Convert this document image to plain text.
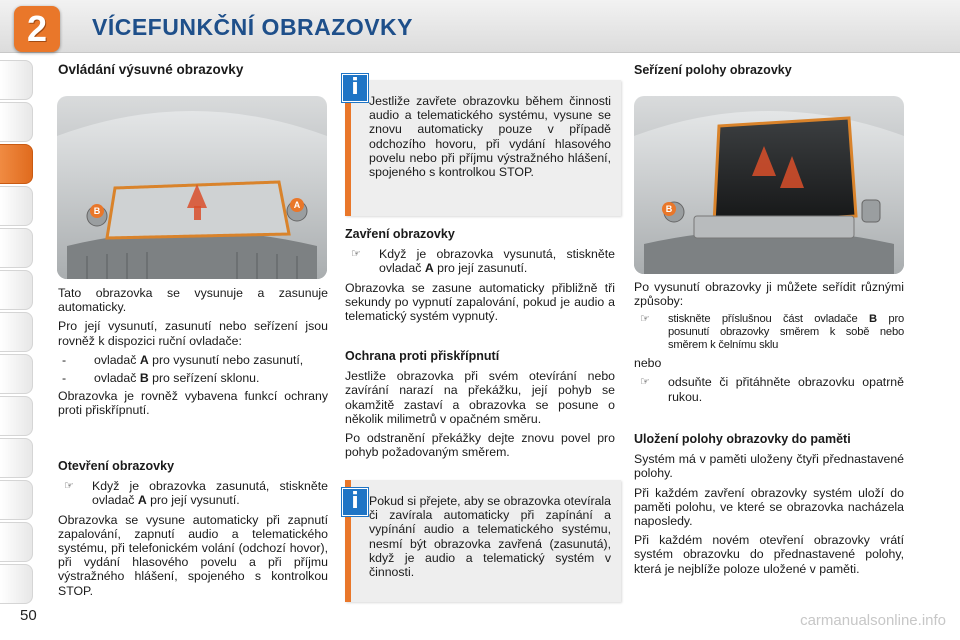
2	VÍCEFUNKČNÍ OBRAZOVKY
Ovládání výsuvné obrazovky
B
A

Tato obrazovka se vysunuje a zasunuje automaticky.

Pro její vysunutí, zasunutí nebo seřízení jsou rovněž k dispozici ruční ovladače:

- ovladač A pro vysunutí nebo zasunutí,
- ovladač B pro seřízení sklonu.

Obrazovka je rovněž vybavena funkcí ochrany proti přiskřípnutí.

Otevření obrazovky
☞ Když je obrazovka zasunutá, stiskněte ovladač A pro její vysunutí.

Obrazovka se vysune automaticky při zapnutí zapalování, zapnutí audio a telematického systému, při telefonickém volání (odchozí hovor), při vydání hlasového povelu a při příjmu výstražného hlášení, spojeného s kontrolkou STOP.

Jestliže zavřete obrazovku během činnosti audio a telematického systému, vysune se znovu automaticky pouze v případě odchozího hovoru, při vydání hlasového povelu nebo při příjmu výstražného hlášení, spojeného s kontrolkou STOP.
i
Zavření obrazovky
☞ Když je obrazovka vysunutá, stiskněte ovladač A pro její zasunutí.

Obrazovka se zasune automaticky přibližně tři sekundy po vypnutí zapalování, pokud je audio a telematický systém vypnutý.

Ochrana proti přiskřípnutí

Jestliže obrazovka při svém otevírání nebo zavírání narazí na překážku, její pohyb se okamžitě zastaví a obrazovka se posune o několik milimetrů v opačném směru.

Po odstranění překážky dejte znovu povel pro pohyb požadovaným směrem.

Pokud si přejete, aby se obrazovka otevírala či zavírala automaticky při zapínání a vypínání audio a telematického systému, nesmí být obrazovka zavřená (zasunutá), když je audio a telematický systém v činnosti.
i
Seřízení polohy obrazovky
B

Po vysunutí obrazovky ji můžete seřídit různými způsoby:

☞ stiskněte příslušnou část ovladače B pro posunutí obrazovky směrem k sobě nebo směrem k čelnímu sklu

nebo

☞ odsuňte či přitáhněte obrazovku opatrně rukou.
Uložení polohy obrazovky do paměti

Systém má v paměti uloženy čtyři přednastavené polohy.

Při každém zavření obrazovky systém uloží do paměti polohu, ve které se obrazovka nacházela naposledy.

Při každém novém otevření obrazovky vrátí systém obrazovku do přednastavené polohy, která je nejblíže poloze uložené v paměti.

50	carmanualsonline.info
